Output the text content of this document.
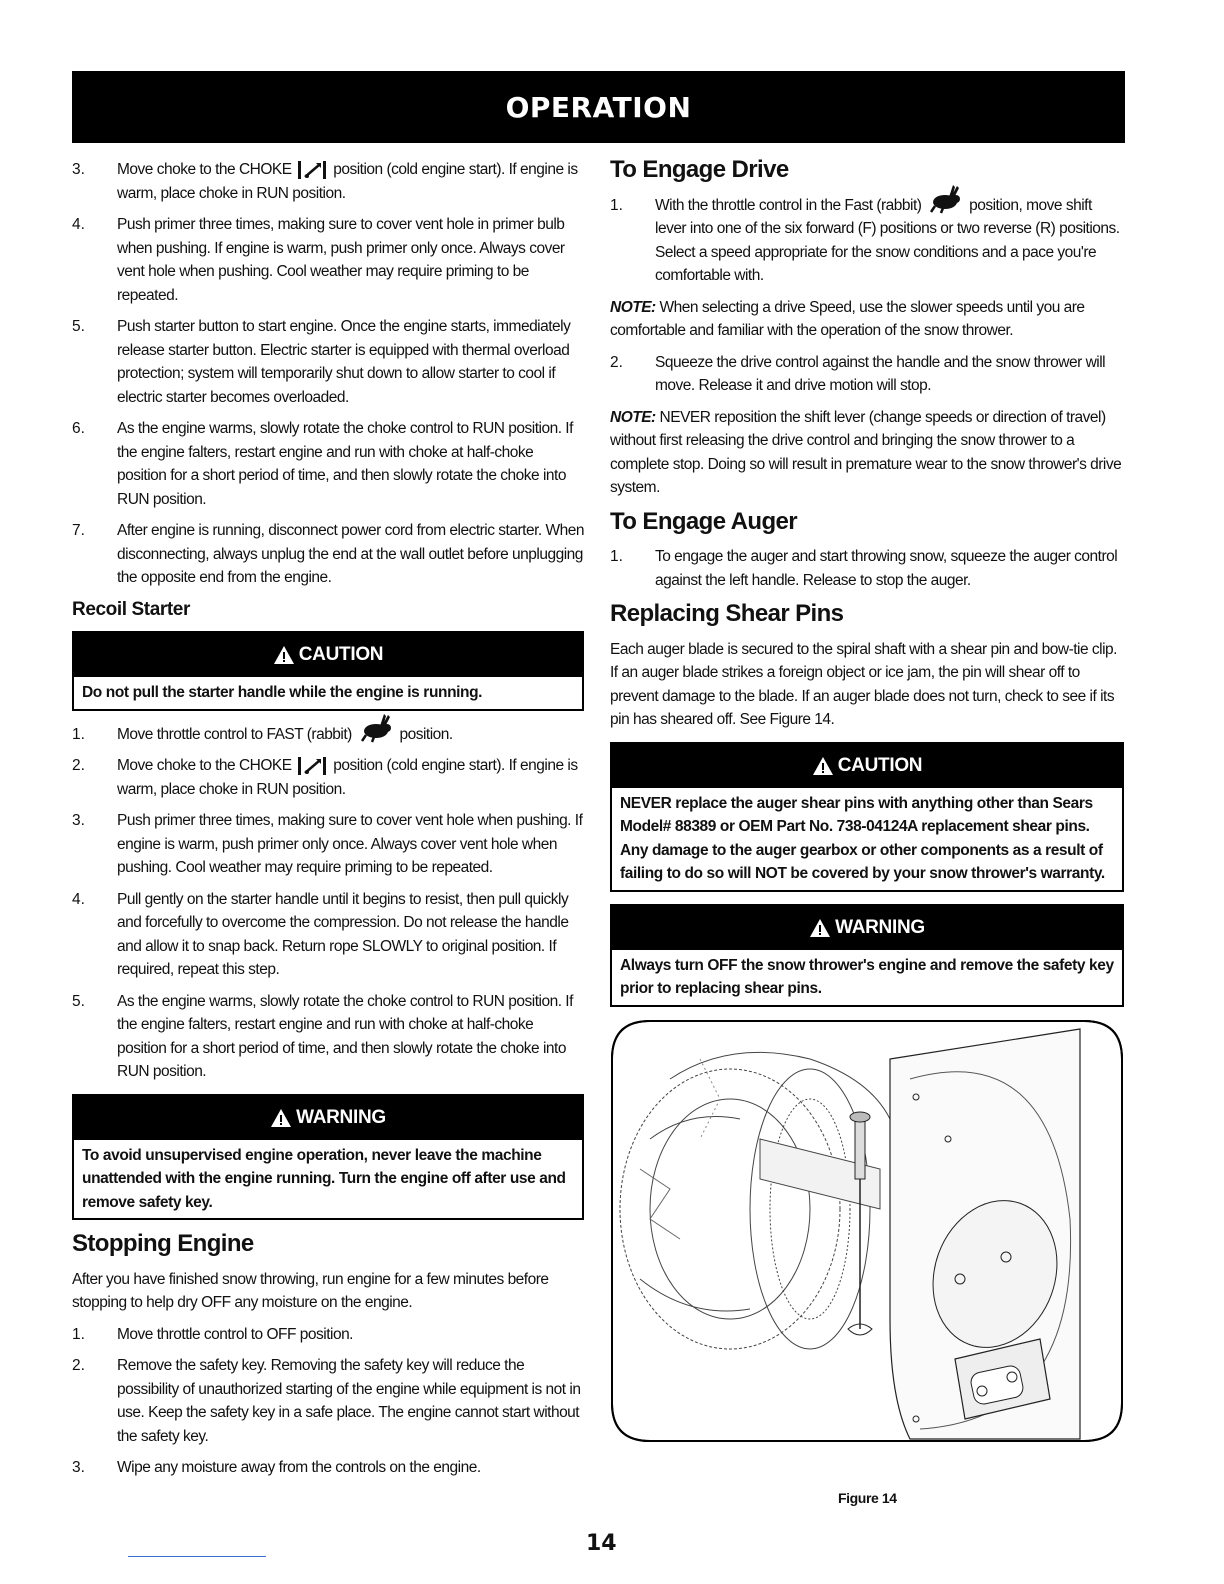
OPERATION
3.	Move choke to the CHOKE	position (cold engine start). If engine is warm, place choke in RUN position.
4.	Push primer three times, making sure to cover vent hole in primer bulb when pushing. If engine is warm, push primer only once. Always cover vent hole when pushing. Cool weather may require priming to be repeated.
5.	Push starter button to start engine. Once the engine starts, immediately release starter button. Electric starter is equipped with thermal overload protection; system will temporarily shut down to allow starter to cool if electric starter becomes overloaded.
6.	As the engine warms, slowly rotate the choke control to RUN position. If the engine falters, restart engine and run with choke at half-choke position for a short period of time, and then slowly rotate the choke into RUN position.
7.	After engine is running, disconnect power cord from electric starter. When disconnecting, always unplug the end at the wall outlet before unplugging the opposite end from the engine.
Recoil Starter
CAUTION
Do not pull the starter handle while the engine is running.
1.	Move throttle control to FAST (rabbit)	position.
2.	Move choke to the CHOKE	position (cold engine start). If engine is warm, place choke in RUN position.
3.	Push primer three times, making sure to cover vent hole when pushing. If engine is warm, push primer only once. Always cover vent hole when pushing. Cool weather may require priming to be repeated.
4.	Pull gently on the starter handle until it begins to resist, then pull quickly and forcefully to overcome the compression. Do not release the handle and allow it to snap back. Return rope SLOWLY to original position. If required, repeat this step.
5.	As the engine warms, slowly rotate the choke control to RUN position. If the engine falters, restart engine and run with choke at half-choke position for a short period of time, and then slowly rotate the choke into RUN position.
WARNING
To avoid unsupervised engine operation, never leave the machine unattended with the engine running. Turn the engine off after use and remove safety key.
Stopping Engine

After you have finished snow throwing, run engine for a few minutes before stopping to help dry OFF any moisture on the engine.

1.	Move throttle control to OFF position.
2.	Remove the safety key. Removing the safety key will reduce the possibility of unauthorized starting of the engine while equipment is not in use. Keep the safety key in a safe place. The engine cannot start without the safety key.
3.	Wipe any moisture away from the controls on the engine.
To Engage Drive
1.	With the throttle control in the Fast (rabbit)	position, move shift lever into one of the six forward (F) positions or two reverse (R) positions. Select a speed appropriate for the snow conditions and a pace you're comfortable with.

NOTE: When selecting a drive Speed, use the slower speeds until you are comfortable and familiar with the operation of the snow thrower.

2.	Squeeze the drive control against the handle and the snow thrower will move. Release it and drive motion will stop.

NOTE: NEVER reposition the shift lever (change speeds or direction of travel) without first releasing the drive control and bringing the snow thrower to a complete stop. Doing so will result in premature wear to the snow thrower's drive system.

To Engage Auger
1.	To engage the auger and start throwing snow, squeeze the auger control against the left handle. Release to stop the auger.
Replacing Shear Pins

Each auger blade is secured to the spiral shaft with a shear pin and bow-tie clip. If an auger blade strikes a foreign object or ice jam, the pin will shear off to prevent damage to the blade. If an auger blade does not turn, check to see if its pin has sheared off. See Figure 14.

CAUTION
NEVER replace the auger shear pins with anything other than Sears Model# 88389 or OEM Part No. 738-04124A replacement shear pins. Any damage to the auger gearbox or other components as a result of failing to do so will NOT be covered by your snow thrower's warranty.
WARNING
Always turn OFF the snow thrower's engine and remove the safety key prior to replacing shear pins.
Figure 14
14
